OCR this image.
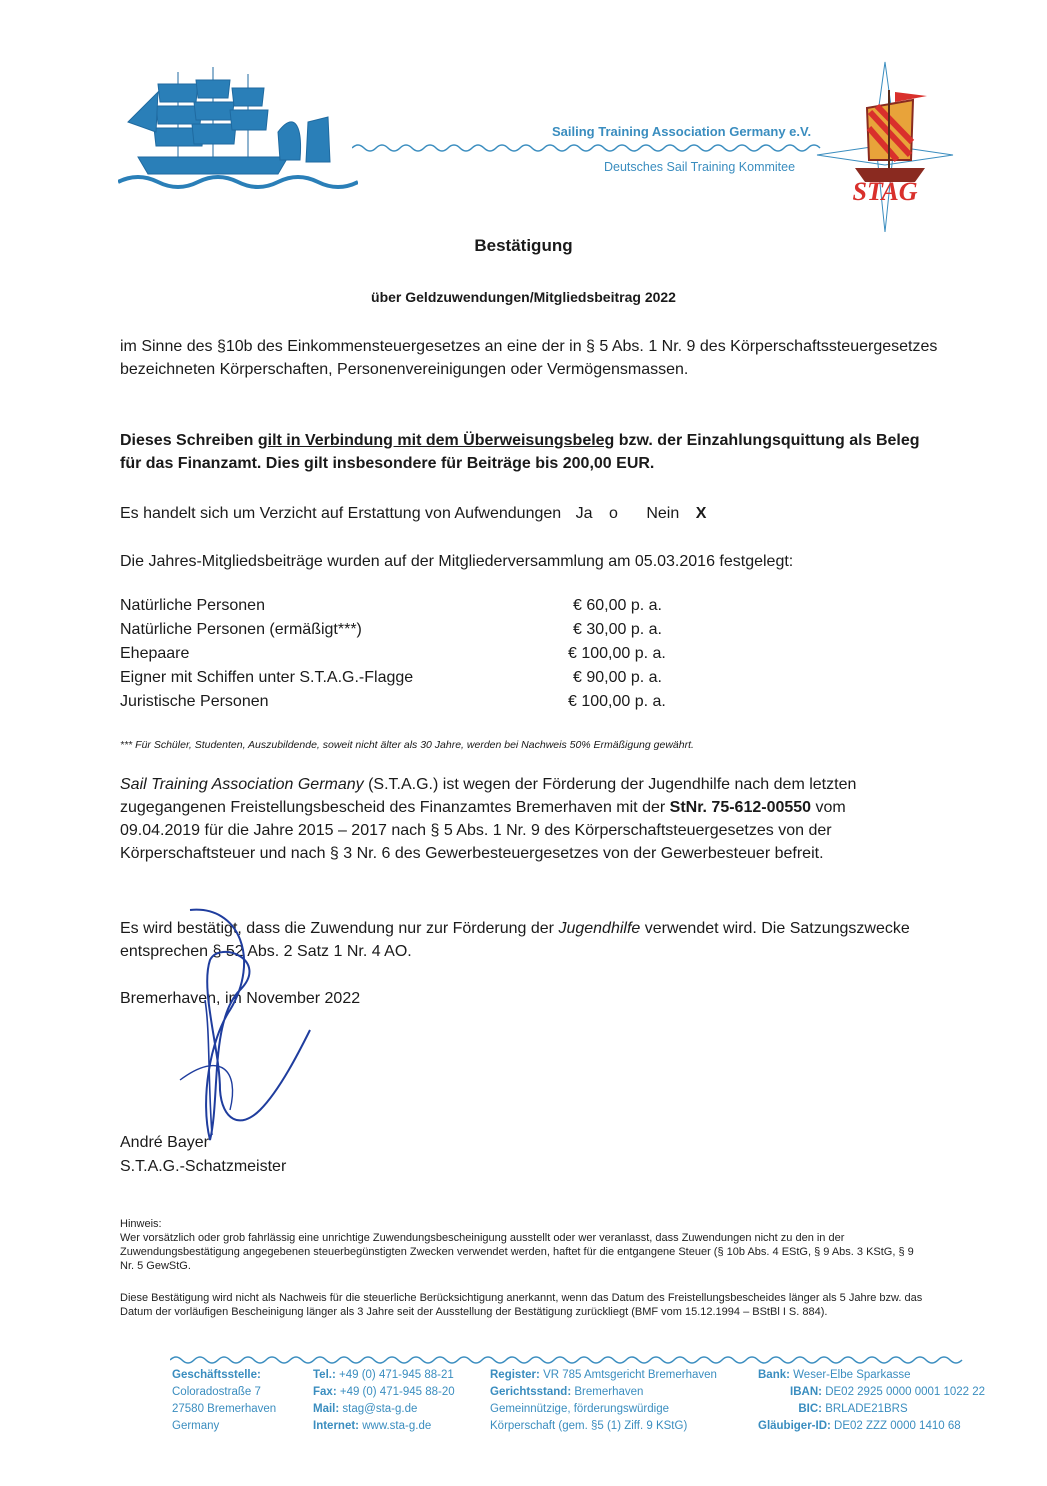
Sailing Training Association Germany e.V.
Deutsches Sail Training Kommitee
STAG
Bestätigung
über Geldzuwendungen/Mitgliedsbeitrag 2022
im Sinne des §10b des Einkommensteuergesetzes an eine der in § 5 Abs. 1 Nr. 9 des Körperschaftssteuergesetzes bezeichneten Körperschaften, Personenvereinigungen oder Vermögensmassen.
Dieses Schreiben gilt in Verbindung mit dem Überweisungsbeleg bzw. der Einzahlungsquittung als Beleg für das Finanzamt. Dies gilt insbesondere für Beiträge bis 200,00 EUR.
Es handelt sich um Verzicht auf Erstattung von Aufwendungen Ja o Nein X
Die Jahres-Mitgliedsbeiträge wurden auf der Mitgliederversammlung am 05.03.2016 festgelegt:
Natürliche Personen	€ 60,00 p. a.
Natürliche Personen (ermäßigt***)	€ 30,00 p. a.
Ehepaare	€ 100,00 p. a.
Eigner mit Schiffen unter S.T.A.G.-Flagge	€ 90,00 p. a.
Juristische Personen	€ 100,00 p. a.
*** Für Schüler, Studenten, Auszubildende, soweit nicht älter als 30 Jahre, werden bei Nachweis 50% Ermäßigung gewährt.
Sail Training Association Germany (S.T.A.G.) ist wegen der Förderung der Jugendhilfe nach dem letzten zugegangenen Freistellungsbescheid des Finanzamtes Bremerhaven mit der StNr. 75-612-00550 vom 09.04.2019 für die Jahre 2015 – 2017 nach § 5 Abs. 1 Nr. 9 des Körperschaftsteuergesetzes von der Körperschaftsteuer und nach § 3 Nr. 6 des Gewerbesteuergesetzes von der Gewerbesteuer befreit.
Es wird bestätigt, dass die Zuwendung nur zur Förderung der Jugendhilfe verwendet wird. Die Satzungszwecke entsprechen § 52 Abs. 2 Satz 1 Nr. 4 AO.
Bremerhaven, im November 2022
André Bayer
S.T.A.G.-Schatzmeister
Hinweis:
Wer vorsätzlich oder grob fahrlässig eine unrichtige Zuwendungsbescheinigung ausstellt oder wer veranlasst, dass Zuwendungen nicht zu den in der Zuwendungsbestätigung angegebenen steuerbegünstigten Zwecken verwendet werden, haftet für die entgangene Steuer (§ 10b Abs. 4 EStG, § 9 Abs. 3 KStG, § 9 Nr. 5 GewStG.
Diese Bestätigung wird nicht als Nachweis für die steuerliche Berücksichtigung anerkannt, wenn das Datum des Freistellungsbescheides länger als 5 Jahre bzw. das Datum der vorläufigen Bescheinigung länger als 3 Jahre seit der Ausstellung der Bestätigung zurückliegt (BMF vom 15.12.1994 – BStBl I S. 884).
Geschäftsstelle:
Coloradostraße 7
27580 Bremerhaven
Germany
Tel.: +49 (0) 471-945 88-21
Fax: +49 (0) 471-945 88-20
Mail: stag@sta-g.de
Internet: www.sta-g.de
Register: VR 785 Amtsgericht Bremerhaven
Gerichtsstand: Bremerhaven
Gemeinnützige, förderungswürdige
Körperschaft (gem. §5 (1) Ziff. 9 KStG)
Bank: Weser-Elbe Sparkasse
IBAN: DE02 2925 0000 0001 1022 22
BIC: BRLADE21BRS
Gläubiger-ID: DE02 ZZZ 0000 1410 68
